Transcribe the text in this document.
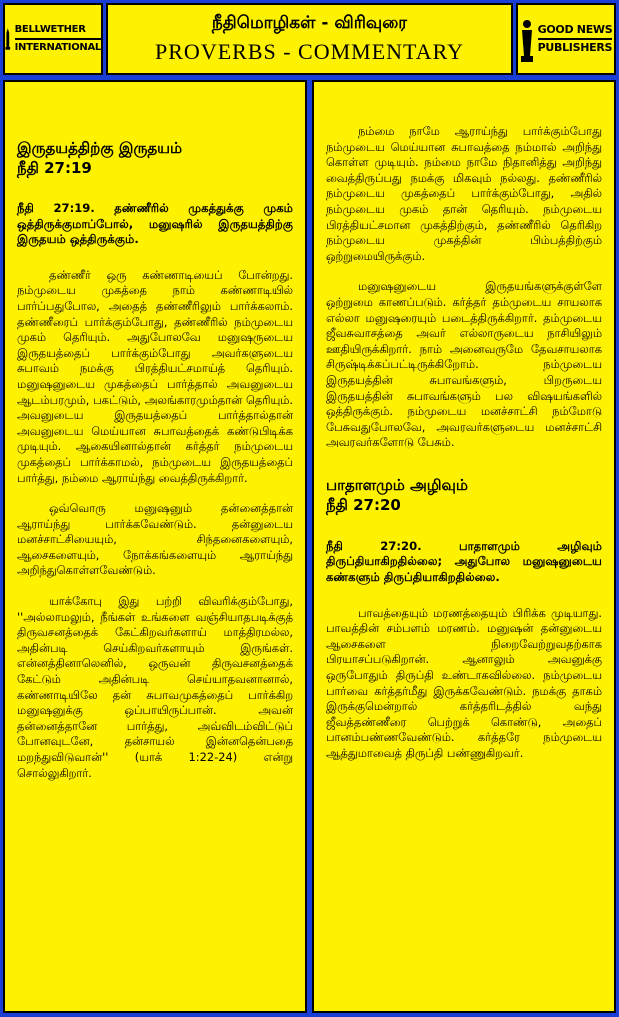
BELLWETHER
INTERNATIONAL
நீதிமொழிகள் - விரிவுரை
PROVERBS - COMMENTARY
GOOD NEWS
PUBLISHERS
இருதயத்திற்கு இருதயம்
நீதி 27:19
நீதி 27:19. தண்ணீரில் முகத்துக்கு முகம் ஒத்திருக்குமாப்போல், மனுஷரில் இருதயத்திற்கு இருதயம் ஒத்திருக்கும்.

தண்ணீர் ஒரு கண்ணாடியைப் போன்றது. நம்முடைய முகத்தை நாம் கண்ணாடியில் பார்ப்பதுபோல, அதைத் தண்ணீரிலும் பார்க்கலாம். தண்ணீரைப் பார்க்கும்போது, தண்ணீரில் நம்முடைய முகம் தெரியும். அதுபோலவே மனுஷருடைய இருதயத்தைப் பார்க்கும்போது அவர்களுடைய சுபாவம் நமக்கு பிரத்தியட்சமாய்த் தெரியும். மனுஷனுடைய முகத்தைப் பார்த்தால் அவனுடைய ஆடம்பரமும், பகட்டும், அலங்காரமும்தான் தெரியும். அவனுடைய இருதயத்தைப் பார்த்தால்தான் அவனுடைய மெய்யான சுபாவத்தைக் கண்டுபிடிக்க முடியும். ஆகையினால்தான் கர்த்தர் நம்முடைய முகத்தைப் பார்க்காமல், நம்முடைய இருதயத்தைப் பார்த்து, நம்மை ஆராய்ந்து வைத்திருக்கிறார்.

ஒவ்வொரு மனுஷனும் தன்னைத்தான் ஆராய்ந்து பார்க்கவேண்டும். தன்னுடைய மனச்சாட்சியையும், சிந்தனைகளையும், ஆசைகளையும், நோக்கங்களையும் ஆராய்ந்து அறிந்துகொள்ளவேண்டும்.

யாக்கோபு இது பற்றி விவரிக்கும்போது, ''அல்லாமலும், நீங்கள் உங்களை வஞ்சியாதபடிக்குத் திருவசனத்தைக் கேட்கிறவர்களாய் மாத்திரமல்ல, அதின்படி செய்கிறவர்களாயும் இருங்கள். என்னத்தினாலெனில், ஒருவன் திருவசனத்தைக் கேட்டும் அதின்படி செய்யாதவனானால், கண்ணாடியிலே தன் சுபாவமுகத்தைப் பார்க்கிற மனுஷனுக்கு ஒப்பாயிருப்பான். அவன் தன்னைத்தானே பார்த்து, அவ்விடம்விட்டுப் போனவுடனே, தன்சாயல் இன்னதென்பதை மறந்துவிடுவான்'' (யாக் 1:22-24) என்று சொல்லுகிறார்.

நம்மை நாமே ஆராய்ந்து பார்க்கும்போது நம்முடைய மெய்யான சுபாவத்தை நம்மால் அறிந்து கொள்ள முடியும். நம்மை நாமே நிதானித்து அறிந்து வைத்திருப்பது நமக்கு மிகவும் நல்லது. தண்ணீரில் நம்முடைய முகத்தைப் பார்க்கும்போது, அதில் நம்முடைய முகம் தான் தெரியும். நம்முடைய பிரத்தியட்சமான முகத்திற்கும், தண்ணீரில் தெரிகிற நம்முடைய முகத்தின் பிம்பத்திற்கும் ஒற்றுமையிருக்கும்.

மனுஷனுடைய இருதயங்களுக்குள்ளே ஒற்றுமை காணப்படும். கர்த்தர் தம்முடைய சாயலாக எல்லா மனுஷரையும் படைத்திருக்கிறார். தம்முடைய ஜீவசுவாசத்தை அவர் எல்லாருடைய நாசியிலும் ஊதியிருக்கிறார். நாம் அனைவருமே தேவசாயலாக சிருஷ்டிக்கப்பட்டிருக்கிறோம். நம்முடைய இருதயத்தின் சுபாவங்களும், பிறருடைய இருதயத்தின் சுபாவங்களும் பல விஷயங்களில் ஒத்திருக்கும். நம்முடைய மனச்சாட்சி நம்மோடு பேசுவதுபோலவே, அவரவர்களுடைய மனச்சாட்சி அவரவர்களோடு பேசும்.

பாதாளமும் அழிவும்
நீதி 27:20
நீதி 27:20. பாதாளமும் அழிவும் திருப்தியாகிறதில்லை; அதுபோல மனுஷனுடைய கண்களும் திருப்தியாகிறதில்லை.

பாவத்தையும் மரணத்தையும் பிரிக்க முடியாது. பாவத்தின் சம்பளம் மரணம். மனுஷன் தன்னுடைய ஆசைகளை நிறைவேற்றுவதற்காக பிரயாசப்படுகிறான். ஆனாலும் அவனுக்கு ஒருபோதும் திருப்தி உண்டாகவில்லை. நம்முடைய பார்வை கர்த்தர்மீது இருக்கவேண்டும். நமக்கு தாகம் இருக்குமென்றால் கர்த்தரிடத்தில் வந்து ஜீவத்தண்ணீரை பெற்றுக் கொண்டு, அதைப் பானம்பண்ணவேண்டும். கர்த்தரே நம்முடைய ஆத்துமாவைத் திருப்தி பண்ணுகிறவர்.
